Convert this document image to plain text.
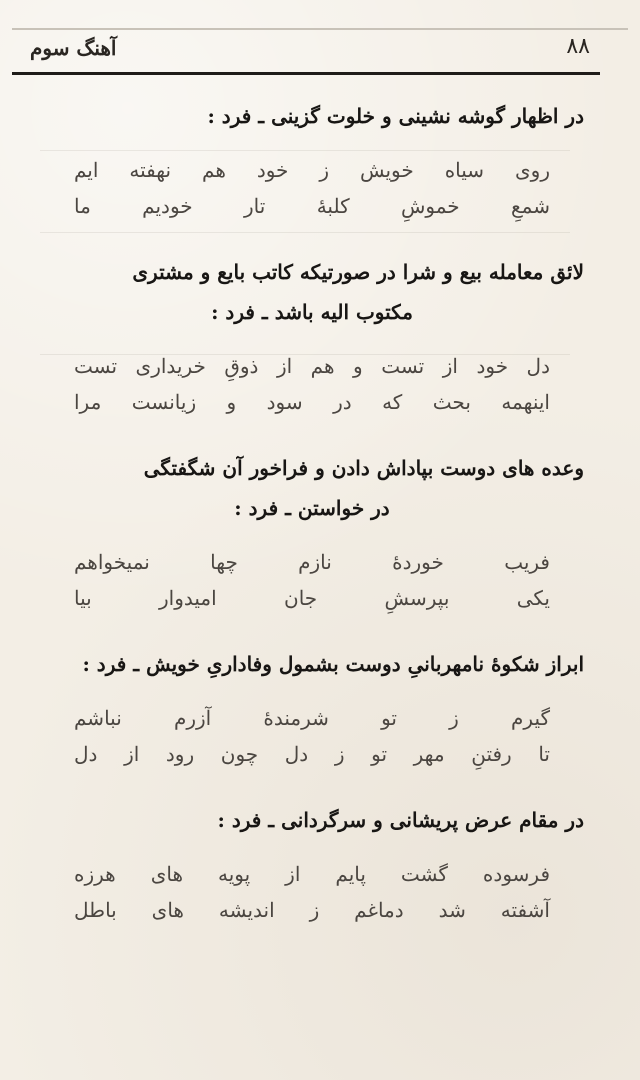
۸۸
آهنگ سوم
در اظهار گوشه نشینی و خلوت گزینی ـ فرد :
روی سیاه خویش ز خود هم نهفته ایم
شمعِ خموشِ کلبهٔ تار خودیم ما
لائق معامله بیع و شرا در صورتیکه کاتب بایع و مشتری
مکتوب الیه باشد ـ فرد :
دل خود از تست و هم از ذوقِ خریداری تست
اینهمه بحث که در سود و زیانست مرا
وعده های دوست بپاداش دادن و فراخور آن شگفتگی
در خواستن ـ فرد :
فریب خوردهٔ نازم چها نمیخواهم
یکی بپرسشِ جان امیدوار بیا
ابراز شکوهٔ نامهربانیِ دوست بشمول وفاداریِ خویش ـ فرد :
گیرم ز تو شرمندهٔ آزرم نباشم
تا رفتنِ مهر تو ز دل چون رود از دل
در مقام عرض پریشانی و سرگردانی ـ فرد :
فرسوده گشت پایم از پویه های هرزه
آشفته شد دماغم ز اندیشه های باطل
